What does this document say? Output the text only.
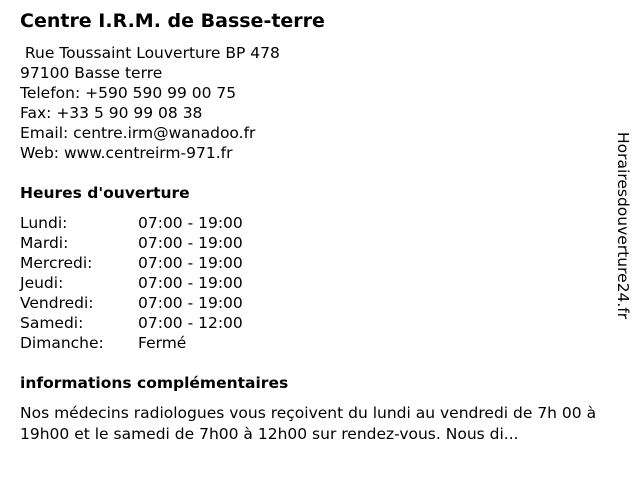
Centre I.R.M. de Basse-terre
Rue Toussaint Louverture BP 478
97100 Basse terre
Telefon: +590 590 99 00 75
Fax: +33 5 90 99 08 38
Email: centre.irm@wanadoo.fr
Web: www.centreirm-971.fr
Heures d'ouverture
Lundi:	07:00 - 19:00
Mardi:	07:00 - 19:00
Mercredi:	07:00 - 19:00
Jeudi:	07:00 - 19:00
Vendredi:	07:00 - 19:00
Samedi:	07:00 - 12:00
Dimanche:	Fermé
informations complémentaires
Nos médecins radiologues vous reçoivent du lundi au vendredi de 7h 00 à 19h00 et le samedi de 7h00 à 12h00 sur rendez-vous. Nous di...
Horairesdouverture24.fr
